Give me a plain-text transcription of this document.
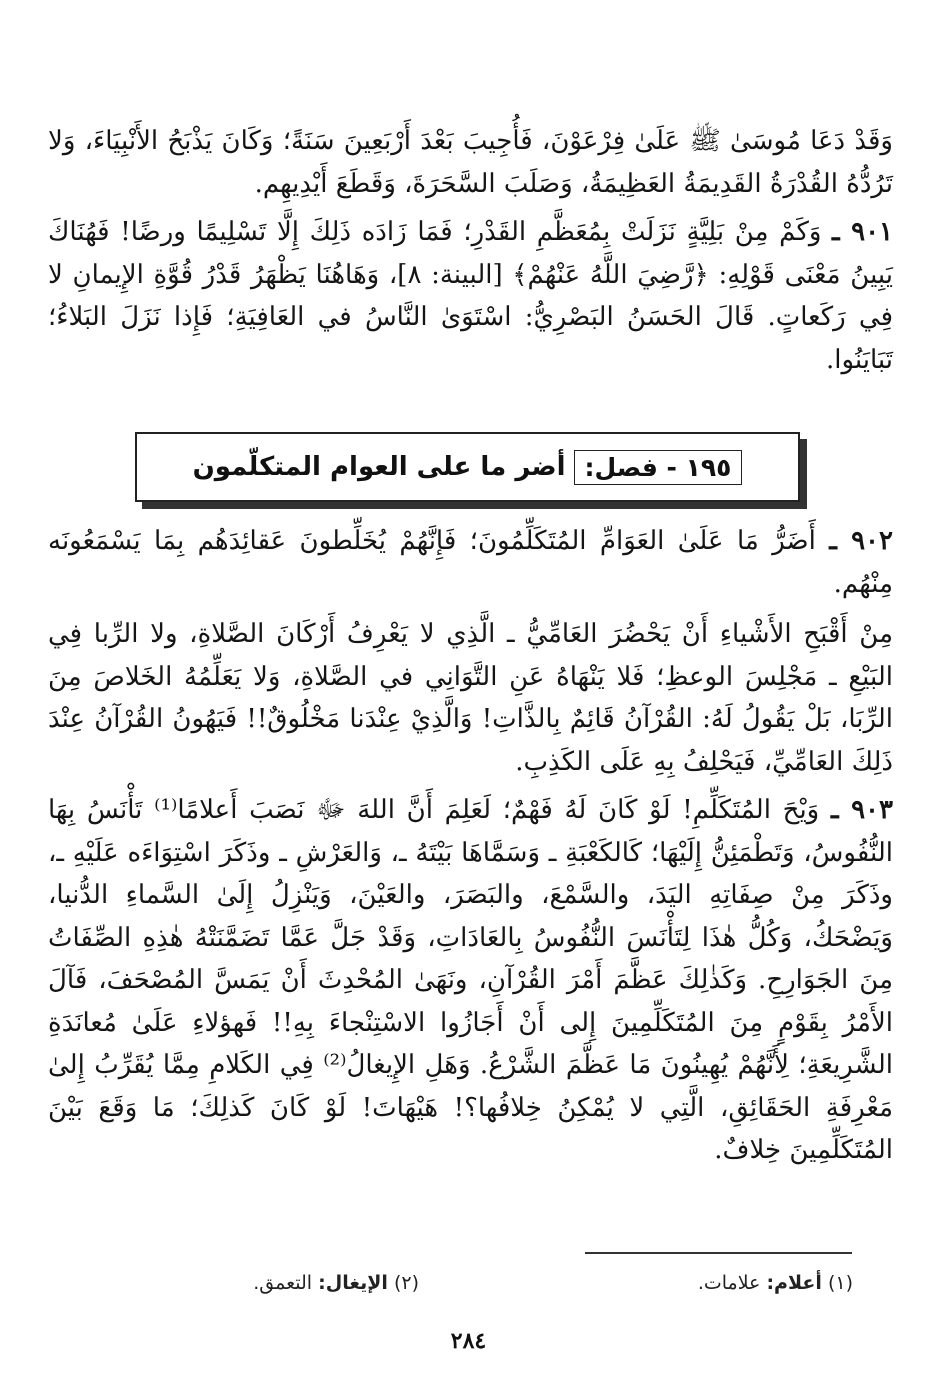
وَقَدْ دَعَا مُوسَىٰ ﷺ عَلَىٰ فِرْعَوْنَ، فَأُجِيبَ بَعْدَ أَرْبَعِينَ سَنَةً؛ وَكَانَ يَذْبَحُ الأَنْبِيَاءَ، وَلا تَرُدُّهُ القُدْرَةُ القَدِيمَةُ العَظِيمَةُ، وَصَلَبَ السَّحَرَةَ، وَقَطَعَ أَيْدِيهِم.

٩٠١ ـ وَكَمْ مِنْ بَلِيَّةٍ نَزَلَتْ بِمُعَظَّمِ القَدْرِ؛ فَمَا زَادَه ذَلِكَ إِلَّا تَسْلِيمًا ورضًا! فَهُنَاكَ يَبِينُ مَعْنَى قَوْلِهِ: ﴿رَّضِيَ اللَّهُ عَنْهُمْ﴾ [البينة: ٨]، وَهَاهُنَا يَظْهَرُ قَدْرُ قُوَّةِ الإِيمانِ لا فِي رَكَعاتٍ. قَالَ الحَسَنُ البَصْرِيُّ: اسْتَوَىٰ النَّاسُ في العَافِيَةِ؛ فَإِذا نَزَلَ البَلاءُ؛ تَبَايَنُوا.

١٩٥ - فصل:
أضر ما على العوام المتكلّمون

٩٠٢ ـ أَضَرُّ مَا عَلَىٰ العَوَامِّ المُتَكَلِّمُونَ؛ فَإِنَّهُمْ يُخَلِّطونَ عَقائِدَهُم بِمَا يَسْمَعُونَه مِنْهُم.

مِنْ أَقْبَحِ الأَشْياءِ أَنْ يَحْضُرَ العَامِّيُّ ـ الَّذِي لا يَعْرِفُ أَرْكَانَ الصَّلاةِ، ولا الرِّبا فِي البَيْعِ ـ مَجْلِسَ الوعظِ؛ فَلا يَنْهَاهُ عَنِ التَّوَانِي في الصَّلاةِ، وَلا يَعَلِّمُهُ الخَلاصَ مِنَ الرِّبَا، بَلْ يَقُولُ لَهُ: القُرْآنُ قَائِمٌ بِالذَّاتِ! وَالَّذِيْ عِنْدَنا مَخْلُوقٌ!! فَيَهُونُ القُرْآنُ عِنْدَ ذَلِكَ العَامِّيِّ، فَيَحْلِفُ بِهِ عَلَى الكَذِبِ.

٩٠٣ ـ وَيْحَ المُتَكَلِّمِ! لَوْ كَانَ لَهُ فَهْمٌ؛ لَعَلِمَ أَنَّ اللهَ ﷻ نَصَبَ أَعلامًا⁽¹⁾ تَأْنَسُ بِهَا النُّفُوسُ، وَتَطْمَئِنُّ إِلَيْهَا؛ كَالكَعْبَةِ ـ وَسَمَّاهَا بَيْتَهُ ـ، وَالعَرْشِ ـ وذَكَرَ اسْتِوَاءَه عَلَيْهِ ـ، وذَكَرَ مِنْ صِفَاتِهِ اليَدَ، والسَّمْعَ، والبَصَرَ، والعَيْنَ، وَيَنْزِلُ إِلَىٰ السَّماءِ الدُّنيا، وَيَضْحَكُ، وَكُلُّ هٰذَا لِتَأْنَسَ النُّفُوسُ بِالعَادَاتِ، وَقَدْ جَلَّ عَمَّا تَضَمَّنَتْهُ هٰذِهِ الصِّفَاتُ مِنَ الجَوَارِحِ. وَكَذٰلِكَ عَظَّمَ أَمْرَ القُرْآنِ، ونَهَىٰ المُحْدِثَ أَنْ يَمَسَّ المُصْحَفَ، فَآلَ الأَمْرُ بِقَوْمٍ مِنَ المُتَكَلِّمِينَ إِلى أَنْ أَجَازُوا الاسْتِنْجاءَ بِهِ!! فَهؤلاءِ عَلَىٰ مُعانَدَةِ الشَّرِيعَةِ؛ لِأَنَّهُمْ يُهِينُونَ مَا عَظَّمَ الشَّرْعُ. وَهَلِ الإِيغالُ⁽²⁾ فِي الكَلامِ مِمَّا يُقَرِّبُ إِلىٰ مَعْرِفَةِ الحَقَائِقِ، الَّتِي لا يُمْكِنُ خِلافُها؟! هَيْهَاتَ! لَوْ كَانَ كَذلِكَ؛ مَا وَقَعَ بَيْنَ المُتَكَلِّمِينَ خِلافٌ.

(١) أعلام: علامات.
(٢) الإيغال: التعمق.
٢٨٤
